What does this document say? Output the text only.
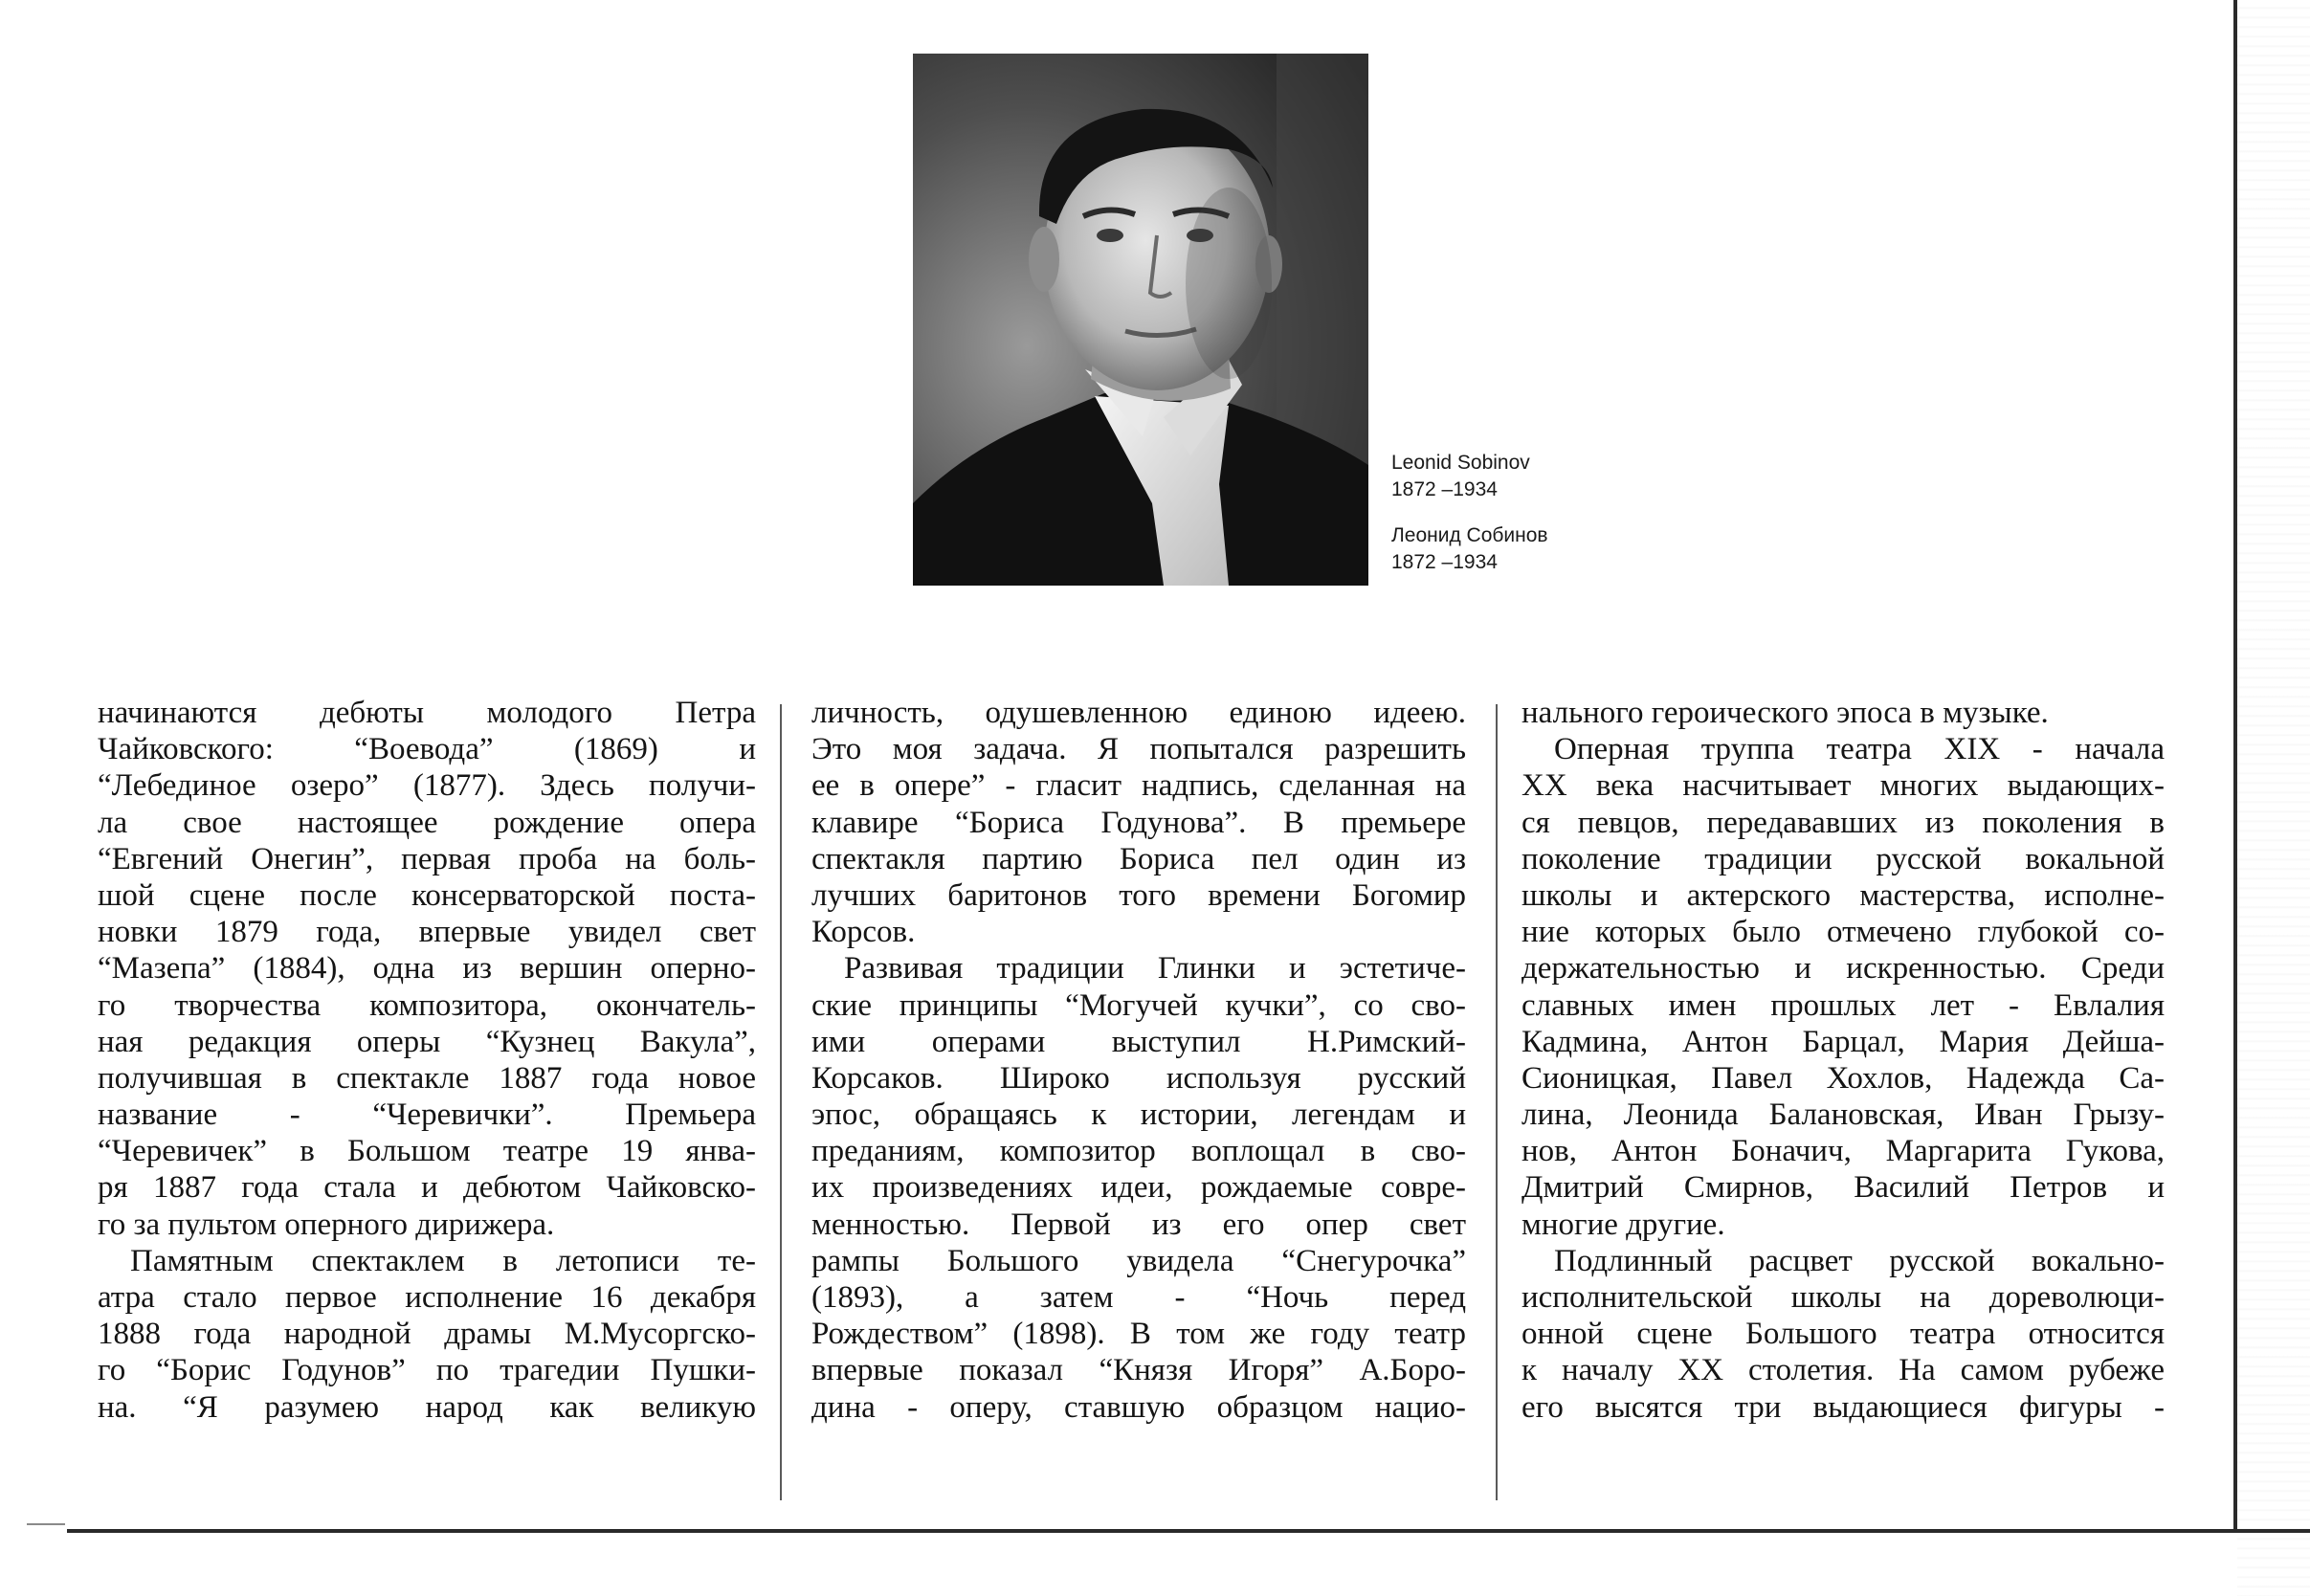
Leonid Sobinov
1872 –1934
Леонид Собинов
1872 –1934
начинаются дебюты молодого Петра
Чайковского: “Воевода” (1869) и
“Лебединое озеро” (1877). Здесь получи-
ла свое настоящее рождение опера
“Евгений Онегин”, первая проба на боль-
шой сцене после консерваторской поста-
новки 1879 года, впервые увидел свет
“Мазепа” (1884), одна из вершин оперно-
го творчества композитора, окончатель-
ная редакция оперы “Кузнец Вакула”,
получившая в спектакле 1887 года новое
название - “Черевички”. Премьера
“Черевичек” в Большом театре 19 янва-
ря 1887 года стала и дебютом Чайковско-
го за пультом оперного дирижера.
Памятным спектаклем в летописи те-
атра стало первое исполнение 16 декабря
1888 года народной драмы М.Мусоргско-
го “Борис Годунов” по трагедии Пушки-
на. “Я разумею народ как великую
личность, одушевленною единою идеею.
Это моя задача. Я попытался разрешить
ее в опере” - гласит надпись, сделанная на
клавире “Бориса Годунова”. В премьере
спектакля партию Бориса пел один из
лучших баритонов того времени Богомир
Корсов.
Развивая традиции Глинки и эстетиче-
ские принципы “Могучей кучки”, со сво-
ими операми выступил Н.Римский-
Корсаков. Широко используя русский
эпос, обращаясь к истории, легендам и
преданиям, композитор воплощал в сво-
их произведениях идеи, рождаемые совре-
менностью. Первой из его опер свет
рампы Большого увидела “Снегурочка”
(1893), а затем - “Ночь перед
Рождеством” (1898). В том же году театр
впервые показал “Князя Игоря” А.Боро-
дина - оперу, ставшую образцом нацио-
нального героического эпоса в музыке.
Оперная труппа театра XIX - начала
XX века насчитывает многих выдающих-
ся певцов, передававших из поколения в
поколение традиции русской вокальной
школы и актерского мастерства, исполне-
ние которых было отмечено глубокой со-
держательностью и искренностью. Среди
славных имен прошлых лет - Евлалия
Кадмина, Антон Барцал, Мария Дейша-
Сионицкая, Павел Хохлов, Надежда Са-
лина, Леонида Балановская, Иван Грызу-
нов, Антон Боначич, Маргарита Гукова,
Дмитрий Смирнов, Василий Петров и
многие другие.
Подлинный расцвет русской вокально-
исполнительской школы на дореволюци-
онной сцене Большого театра относится
к началу XX столетия. На самом рубеже
его высятся три выдающиеся фигуры -
